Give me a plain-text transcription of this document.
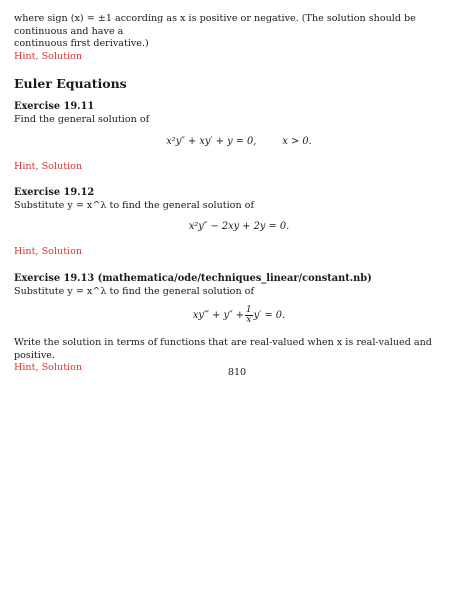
where sign (x) = ±1 according as x is positive or negative. (The solution should be continuous and have a

continuous first derivative.)

Hint, Solution

Euler Equations

Exercise 19.11

Find the general solution of

x²y″ + xy′ + y = 0,	x > 0.

Hint, Solution

Exercise 19.12

Substitute y = x^λ to find the general solution of

x²y″ − 2xy + 2y = 0.

Hint, Solution

Exercise 19.13 (mathematica/ode/techniques_linear/constant.nb)

Substitute y = x^λ to find the general solution of

xy‴ + $y'' + \frac{1}{x} y' = 0$.

Write the solution in terms of functions that are real-valued when x is real-valued and positive.

Hint, Solution	810
